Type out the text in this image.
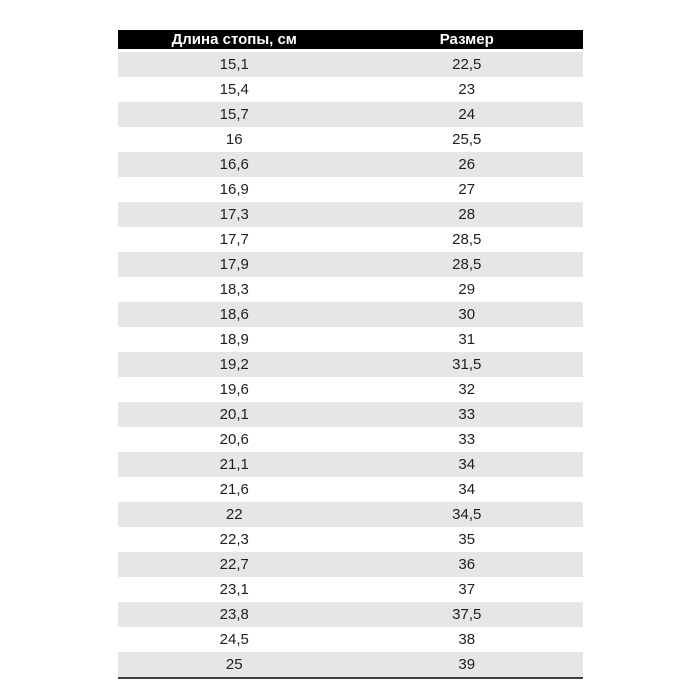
Длина стопы, см	Размер
15,1	22,5
15,4	23
15,7	24
16	25,5
16,6	26
16,9	27
17,3	28
17,7	28,5
17,9	28,5
18,3	29
18,6	30
18,9	31
19,2	31,5
19,6	32
20,1	33
20,6	33
21,1	34
21,6	34
22	34,5
22,3	35
22,7	36
23,1	37
23,8	37,5
24,5	38
25	39
